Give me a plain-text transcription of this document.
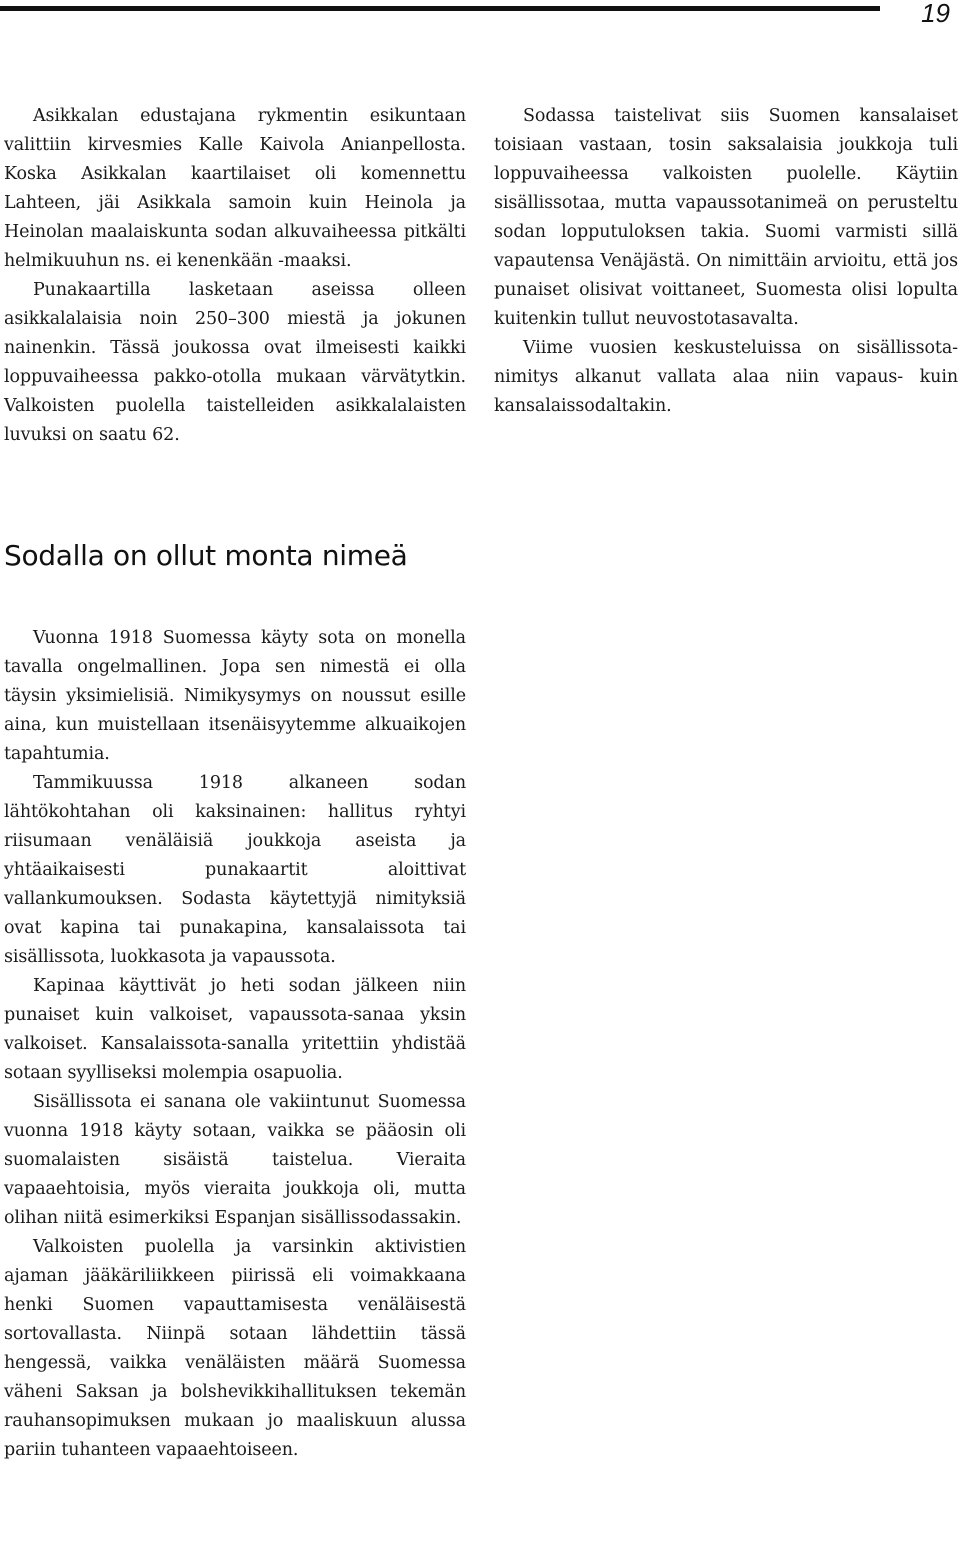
19

Asikkalan edustajana rykmentin esikuntaan valittiin kirvesmies Kalle Kaivola Anianpellosta. Koska Asikkalan kaartilaiset oli komennettu Lahteen, jäi Asikkala samoin kuin Heinola ja Heinolan maalaiskunta sodan alkuvaiheessa pitkälti helmikuuhun ns. ei kenenkään -maaksi.

Punakaartilla lasketaan aseissa olleen asikkalalaisia noin 250–300 miestä ja jokunen nainenkin. Tässä joukossa ovat ilmeisesti kaikki loppuvaiheessa pakko-otolla mukaan värvätytkin. Valkoisten puolella taistelleiden asikkalalaisten luvuksi on saatu 62.

Sodalla on ollut monta nimeä

Vuonna 1918 Suomessa käyty sota on monella tavalla ongelmallinen. Jopa sen nimestä ei olla täysin yksimielisiä. Nimikysymys on noussut esille aina, kun muistellaan itsenäisyytemme alkuaikojen tapahtumia.

Tammikuussa 1918 alkaneen sodan lähtökohtahan oli kaksinainen: hallitus ryhtyi riisumaan venäläisiä joukkoja aseista ja yhtäaikaisesti punakaartit aloittivat vallankumouksen. Sodasta käytettyjä nimityksiä ovat kapina tai punakapina, kansalaissota tai sisällissota, luokkasota ja vapaussota.

Kapinaa käyttivät jo heti sodan jälkeen niin punaiset kuin valkoiset, vapaussota-sanaa yksin valkoiset. Kansalaissota-sanalla yritettiin yhdistää sotaan syylliseksi molempia osapuolia.

Sisällissota ei sanana ole vakiintunut Suomessa vuonna 1918 käyty sotaan, vaikka se pääosin oli suomalaisten sisäistä taistelua. Vieraita vapaaehtoisia, myös vieraita joukkoja oli, mutta olihan niitä esimerkiksi Espanjan sisällissodassakin.

Valkoisten puolella ja varsinkin aktivistien ajaman jääkäriliikkeen piirissä eli voimakkaana henki Suomen vapauttamisesta venäläisestä sortovallasta. Niinpä sotaan lähdettiin tässä hengessä, vaikka venäläisten määrä Suomessa väheni Saksan ja bolshevikkihallituksen tekemän rauhansopimuksen mukaan jo maaliskuun alussa pariin tuhanteen vapaaehtoiseen.

Sodassa taistelivat siis Suomen kansalaiset toisiaan vastaan, tosin saksalaisia joukkoja tuli loppuvaiheessa valkoisten puolelle. Käytiin sisällissotaa, mutta vapaussotanimeä on perusteltu sodan lopputuloksen takia. Suomi varmisti sillä vapautensa Venäjästä. On nimittäin arvioitu, että jos punaiset olisivat voittaneet, Suomesta olisi lopulta kuitenkin tullut neuvostotasavalta.

Viime vuosien keskusteluissa on sisällissota-nimitys alkanut vallata alaa niin vapaus- kuin kansalaissodaltakin.
